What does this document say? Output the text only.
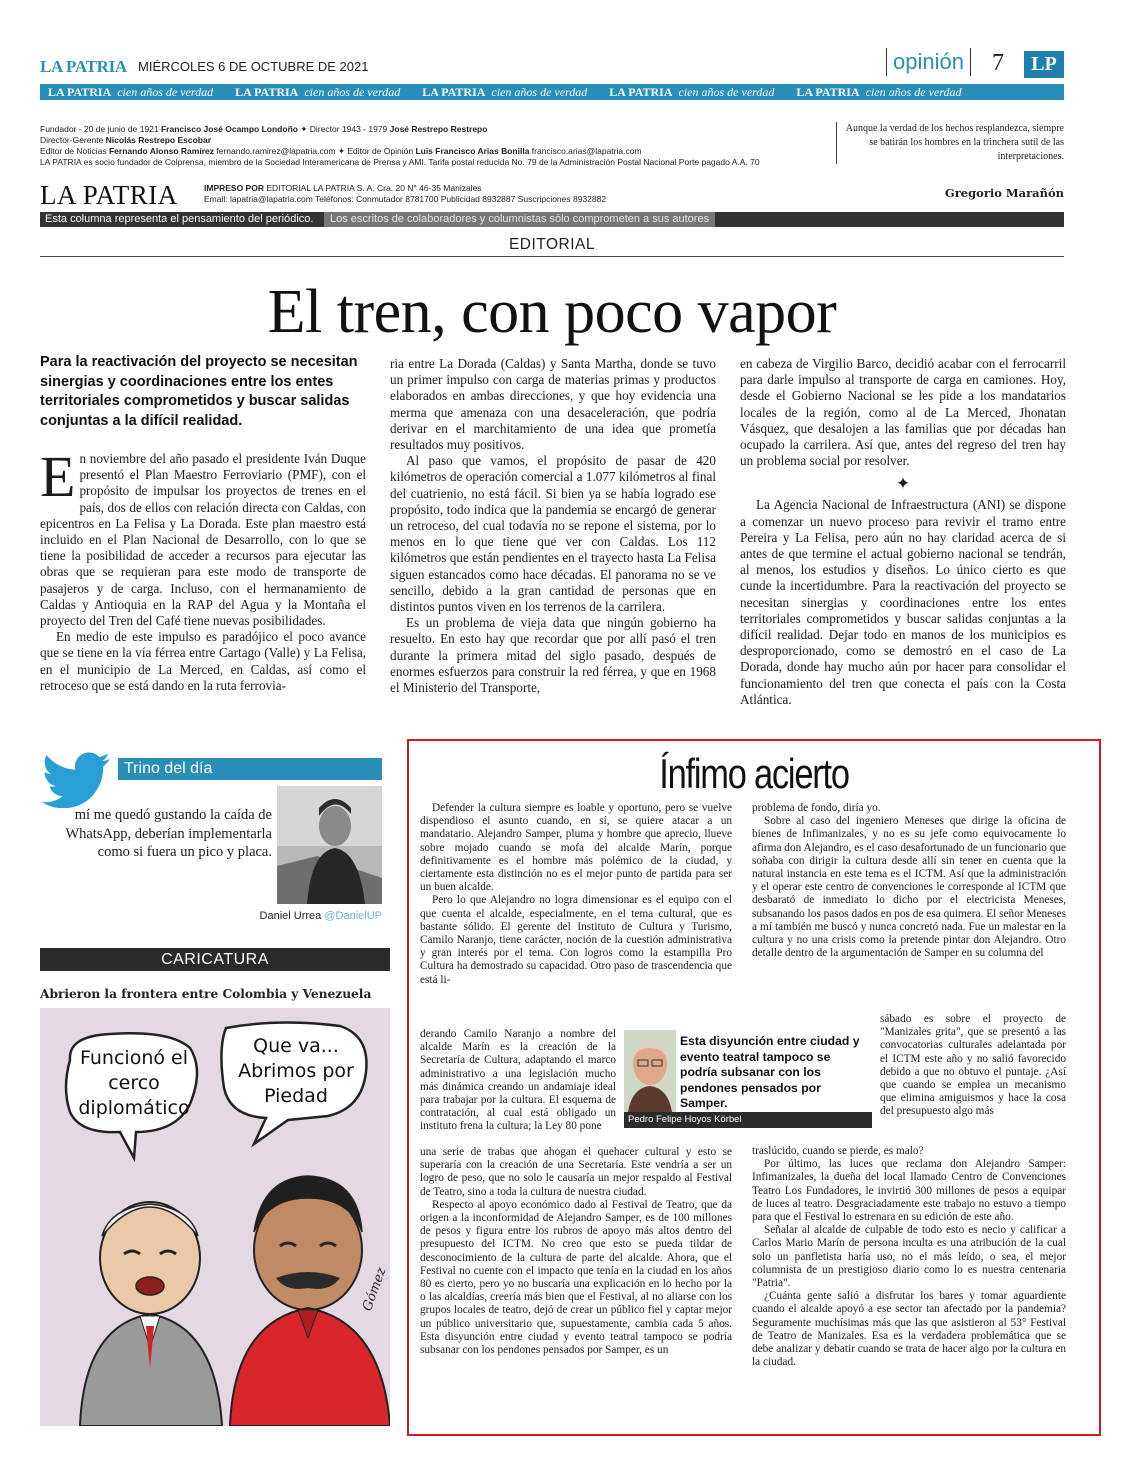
LA PATRIA MIÉRCOLES 6 DE OCTUBRE DE 2021	opinión 7	LP
LA PATRIA cien años de verdad LA PATRIA cien años de verdad LA PATRIA cien años de verdad LA PATRIA cien años de verdad LA PATRIA cien años de verdad
Fundador - 20 de junio de 1921 Francisco José Ocampo Londoño ✦ Director 1943 - 1979 José Restrepo Restrepo
Director-Gerente Nicolás Restrepo Escobar
Editor de Noticias Fernando Alonso Ramírez fernando.ramirez@lapatria.com ✦ Editor de Opinión Luis Francisco Arias Bonilla francisco.arias@lapatria.com
LA PATRIA es socio fundador de Colprensa, miembro de la Sociedad Interamericana de Prensa y AMI. Tarifa postal reducida No. 79 de la Administración Postal Nacional Porte pagado A.A. 70
LA PATRIA	IMPRESO POR EDITORIAL LA PATRIA S. A. Cra. 20 N° 46-35 Manizales
Email: lapatria@lapatria.com Teléfonos: Conmutador 8781700 Publicidad 8932887 Suscripciones 8932882
Aunque la verdad de los hechos resplandezca, siempre se batirán los hombres en la trinchera sutil de las interpretaciones.
Gregorio Marañón
Esta columna representa el pensamiento del periódico.	Los escritos de colaboradores y columnistas sólo comprometen a sus autores
EDITORIAL
El tren, con poco vapor
Para la reactivación del proyecto se necesitan sinergias y coordinaciones entre los entes territoriales comprometidos y buscar salidas conjuntas a la difícil realidad.

En noviembre del año pasado el presidente Iván Duque presentó el Plan Maestro Ferroviario (PMF), con el propósito de impulsar los proyectos de trenes en el país, dos de ellos con relación directa con Caldas, con epicentros en La Felisa y La Dorada. Este plan maestro está incluido en el Plan Nacional de Desarrollo, con lo que se tiene la posibilidad de acceder a recursos para ejecutar las obras que se requieran para este modo de transporte de pasajeros y de carga. Incluso, con el hermanamiento de Caldas y Antioquia en la RAP del Agua y la Montaña el proyecto del Tren del Café tiene nuevas posibilidades.

En medio de este impulso es paradójico el poco avance que se tiene en la vía férrea entre Cartago (Valle) y La Felisa, en el municipio de La Merced, en Caldas, así como el retroceso que se está dando en la ruta ferrovia-

ria entre La Dorada (Caldas) y Santa Martha, donde se tuvo un primer impulso con carga de materias primas y productos elaborados en ambas direcciones, y que hoy evidencia una merma que amenaza con una desaceleración, que podría derivar en el marchitamiento de una idea que prometía resultados muy positivos.

Al paso que vamos, el propósito de pasar de 420 kilómetros de operación comercial a 1.077 kilómetros al final del cuatrienio, no está fácil. Si bien ya se había logrado ese propósito, todo indica que la pandemia se encargó de generar un retroceso, del cual todavía no se repone el sistema, por lo menos en lo que tiene que ver con Caldas. Los 112 kilómetros que están pendientes en el trayecto hasta La Felisa siguen estancados como hace décadas. El panorama no se ve sencillo, debido a la gran cantidad de personas que en distintos puntos viven en los terrenos de la carrilera.

Es un problema de vieja data que ningún gobierno ha resuelto. En esto hay que recordar que por allí pasó el tren durante la primera mitad del siglo pasado, después de enormes esfuerzos para construir la red férrea, y que en 1968 el Ministerio del Transporte,

en cabeza de Virgilio Barco, decidió acabar con el ferrocarril para darle impulso al transporte de carga en camiones. Hoy, desde el Gobierno Nacional se les pide a los mandatarios locales de la región, como al de La Merced, Jhonatan Vásquez, que desalojen a las familias que por décadas han ocupado la carrilera. Así que, antes del regreso del tren hay un problema social por resolver.

✦

La Agencia Nacional de Infraestructura (ANI) se dispone a comenzar un nuevo proceso para revivir el tramo entre Pereira y La Felisa, pero aún no hay claridad acerca de si antes de que termine el actual gobierno nacional se tendrán, al menos, los estudios y diseños. Lo único cierto es que cunde la incertidumbre. Para la reactivación del proyecto se necesitan sinergias y coordinaciones entre los entes territoriales comprometidos y buscar salidas conjuntas a la difícil realidad. Dejar todo en manos de los municipios es desproporcionado, como se demostró en el caso de La Dorada, donde hay mucho aún por hacer para consolidar el funcionamiento del tren que conecta el país con la Costa Atlántica.

Trino del día
mí me quedó gustando la caída de WhatsApp, deberían implementarla como si fuera un pico y placa.
Daniel Urrea @DanielUP
CARICATURA
Abrieron la frontera entre Colombia y Venezuela
Funcionó el cerco diplomático
Que va... Abrimos por Piedad
Gómez
Ínfimo acierto

Defender la cultura siempre es loable y oportuno, pero se vuelve dispendioso el asunto cuando, en sí, se quiere atacar a un mandatario. Alejandro Samper, pluma y hombre que aprecio, llueve sobre mojado cuando se mofa del alcalde Marín, porque definitivamente es el hombre más polémico de la ciudad, y ciertamente esta distinción no es el mejor punto de partida para ser un buen alcalde.

Pero lo que Alejandro no logra dimensionar es el equipo con el que cuenta el alcalde, especialmente, en el tema cultural, que es bastante sólido. El gerente del Instituto de Cultura y Turismo, Camilo Naranjo, tiene carácter, noción de la cuestión administrativa y gran interés por el tema. Con logros como la estampilla Pro Cultura ha demostrado su capacidad. Otro paso de trascendencia que está li-

derando Camilo Naranjo a nombre del alcalde Marín es la creación de la Secretaría de Cultura, adaptando el marco administrativo a una legislación mucho más dinámica creando un andamiaje ideal para trabajar por la cultura. El esquema de contratación, al cual está obligado un instituto frena la cultura; la Ley 80 pone

una serie de trabas que ahogan el quehacer cultural y esto se superaría con la creación de una Secretaría. Este vendría a ser un logro de peso, que no solo le causaría un mejor respaldo al Festival de Teatro, sino a toda la cultura de nuestra ciudad.

Respecto al apoyo económico dado al Festival de Teatro, que da origen a la inconformidad de Alejandro Samper, es de 100 millones de pesos y figura entre los rubros de apoyo más altos dentro del presupuesto del ICTM. No creo que esto se pueda tildar de desconocimiento de la cultura de parte del alcalde. Ahora, que el Festival no cuente con el impacto que tenía en la ciudad en los años 80 es cierto, pero yo no buscaría una explicación en lo hecho por la o las alcaldías, creería más bien que el Festival, al no aliarse con los grupos locales de teatro, dejó de crear un público fiel y captar mejor un público universitario que, supuestamente, cambia cada 5 años. Esta disyunción entre ciudad y evento teatral tampoco se podría subsanar con los pendones pensados por Samper, es un

problema de fondo, diría yo.

Sobre al caso del ingeniero Meneses que dirige la oficina de bienes de Infimanizales, y no es su jefe como equivocamente lo afirma don Alejandro, es el caso desafortunado de un funcionario que soñaba con dirigir la cultura desde allí sin tener en cuenta que la natural instancia en este tema es el ICTM. Así que la administración y el operar este centro de convenciones le corresponde al ICTM que desbarató de inmediato lo dicho por el electricista Meneses, subsanando los pasos dados en pos de esa quimera. El señor Meneses a mí también me buscó y nunca concretó nada. Fue un malestar en la cultura y no una crisis como la pretende pintar don Alejandro. Otro detalle dentro de la argumentación de Samper en su columna del

sábado es sobre el proyecto de "Manizales grita", que se presentó a las convocatorias culturales adelantada por el ICTM este año y no salió favorecido debido a que no obtuvo el puntaje. ¿Así que cuando se emplea un mecanismo que elimina amiguismos y hace la cosa del presupuesto algo más

traslúcido, cuando se pierde, es malo?

Por último, las luces que reclama don Alejandro Samper: Infimanizales, la dueña del local llamado Centro de Convenciones Teatro Los Fundadores, le invirtió 300 millones de pesos a equipar de luces al teatro. Desgraciadamente este trabajo no estuvo a tiempo para que el Festival lo estrenara en su edición de este año.

Señalar al alcalde de culpable de todo esto es necio y calificar a Carlos Mario Marín de persona inculta es una atribución de la cual solo un panfletista haría uso, no el más leído, o sea, el mejor columnista de un prestigioso diario como lo es nuestra centenaria "Patria".

¿Cuánta gente salió a disfrutar los bares y tomar aguardiente cuando el alcalde apoyó a ese sector tan afectado por la pandemia? Seguramente muchísimas más que las que asistieron al 53° Festival de Teatro de Manizales. Esa es la verdadera problemática que se debe analizar y debatir cuando se trata de hacer algo por la cultura en la ciudad.

Esta disyunción entre ciudad y evento teatral tampoco se podría subsanar con los pendones pensados por Samper.
Pedro Felipe Hoyos Körbel
